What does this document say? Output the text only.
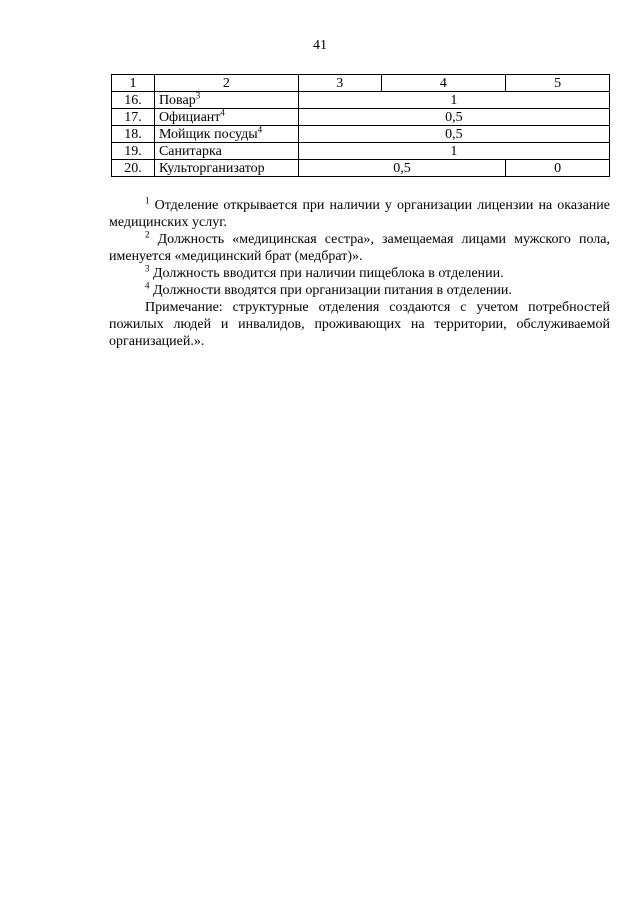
41
1	2	3	4	5
16.	Повар$^3$	1		
17.	Официант$^4$	0,5		
18.	Мойщик посуды$^4$	0,5		
19.	Санитарка	1		
20.	Культорганизатор	0,5		0

$^1$ Отделение открывается при наличии у организации лицензии на оказание медицинских услуг.

$^2$ Должность «медицинская сестра», замещаемая лицами мужского пола, именуется «медицинский брат (медбрат)».

$^3$ Должность вводится при наличии пищеблока в отделении.

$^4$ Должности вводятся при организации питания в отделении.

Примечание: структурные отделения создаются с учетом потребностей пожилых людей и инвалидов, проживающих на территории, обслуживаемой организацией.».
